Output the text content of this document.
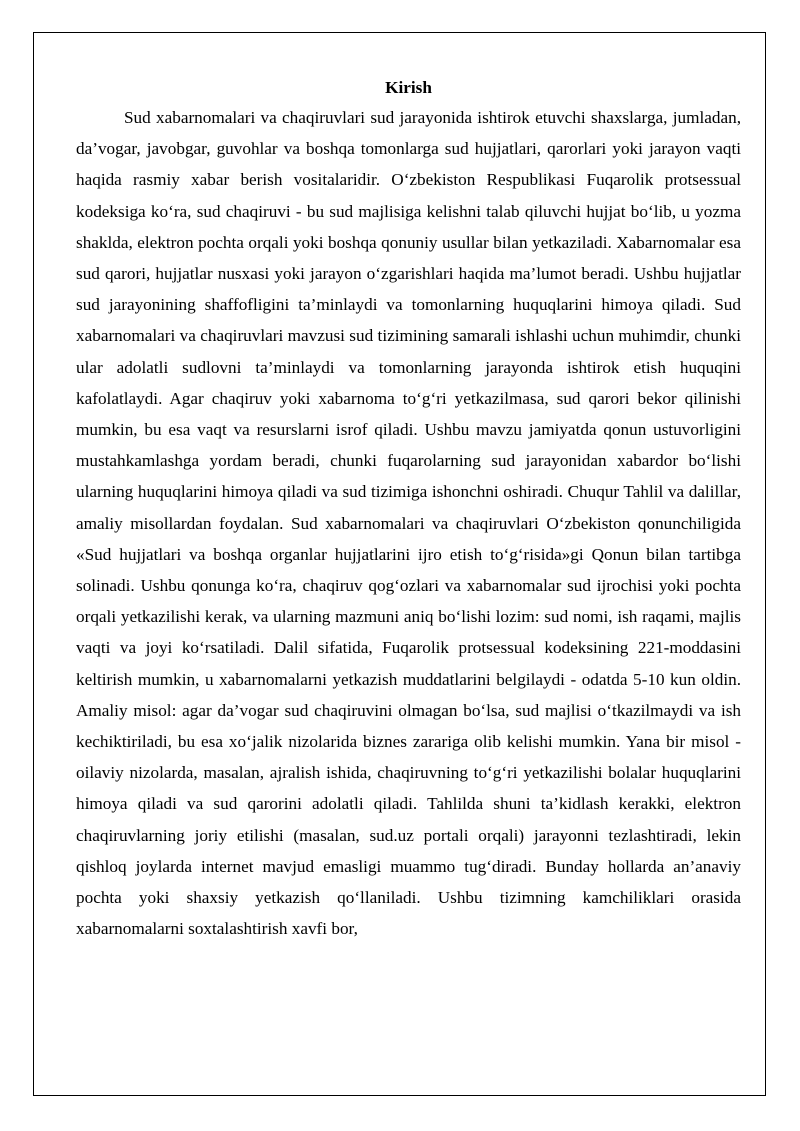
Kirish

Sud xabarnomalari va chaqiruvlari sud jarayonida ishtirok etuvchi shaxslarga, jumladan, da’vogar, javobgar, guvohlar va boshqa tomonlarga sud hujjatlari, qarorlari yoki jarayon vaqti haqida rasmiy xabar berish vositalaridir. O‘zbekiston Respublikasi Fuqarolik protsessual kodeksiga ko‘ra, sud chaqiruvi - bu sud majlisiga kelishni talab qiluvchi hujjat bo‘lib, u yozma shaklda, elektron pochta orqali yoki boshqa qonuniy usullar bilan yetkaziladi. Xabarnomalar esa sud qarori, hujjatlar nusxasi yoki jarayon o‘zgarishlari haqida ma’lumot beradi. Ushbu hujjatlar sud jarayonining shaffofligini ta’minlaydi va tomonlarning huquqlarini himoya qiladi. Sud xabarnomalari va chaqiruvlari mavzusi sud tizimining samarali ishlashi uchun muhimdir, chunki ular adolatli sudlovni ta’minlaydi va tomonlarning jarayonda ishtirok etish huquqini kafolatlaydi. Agar chaqiruv yoki xabarnoma to‘g‘ri yetkazilmasa, sud qarori bekor qilinishi mumkin, bu esa vaqt va resurslarni isrof qiladi. Ushbu mavzu jamiyatda qonun ustuvorligini mustahkamlashga yordam beradi, chunki fuqarolarning sud jarayonidan xabardor bo‘lishi ularning huquqlarini himoya qiladi va sud tizimiga ishonchni oshiradi. Chuqur Tahlil va dalillar, amaliy misollardan foydalan. Sud xabarnomalari va chaqiruvlari O‘zbekiston qonunchiligida «Sud hujjatlari va boshqa organlar hujjatlarini ijro etish to‘g‘risida»gi Qonun bilan tartibga solinadi. Ushbu qonunga ko‘ra, chaqiruv qog‘ozlari va xabarnomalar sud ijrochisi yoki pochta orqali yetkazilishi kerak, va ularning mazmuni aniq bo‘lishi lozim: sud nomi, ish raqami, majlis vaqti va joyi ko‘rsatiladi. Dalil sifatida, Fuqarolik protsessual kodeksining 221-moddasini keltirish mumkin, u xabarnomalarni yetkazish muddatlarini belgilaydi - odatda 5-10 kun oldin. Amaliy misol: agar da’vogar sud chaqiruvini olmagan bo‘lsa, sud majlisi o‘tkazilmaydi va ish kechiktiriladi, bu esa xo‘jalik nizolarida biznes zarariga olib kelishi mumkin. Yana bir misol - oilaviy nizolarda, masalan, ajralish ishida, chaqiruvning to‘g‘ri yetkazilishi bolalar huquqlarini himoya qiladi va sud qarorini adolatli qiladi. Tahlilda shuni ta’kidlash kerakki, elektron chaqiruvlarning joriy etilishi (masalan, sud.uz portali orqali) jarayonni tezlashtiradi, lekin qishloq joylarda internet mavjud emasligi muammo tug‘diradi. Bunday hollarda an’anaviy pochta yoki shaxsiy yetkazish qo‘llaniladi. Ushbu tizimning kamchiliklari orasida xabarnomalarni soxtalashtirish xavfi bor,
